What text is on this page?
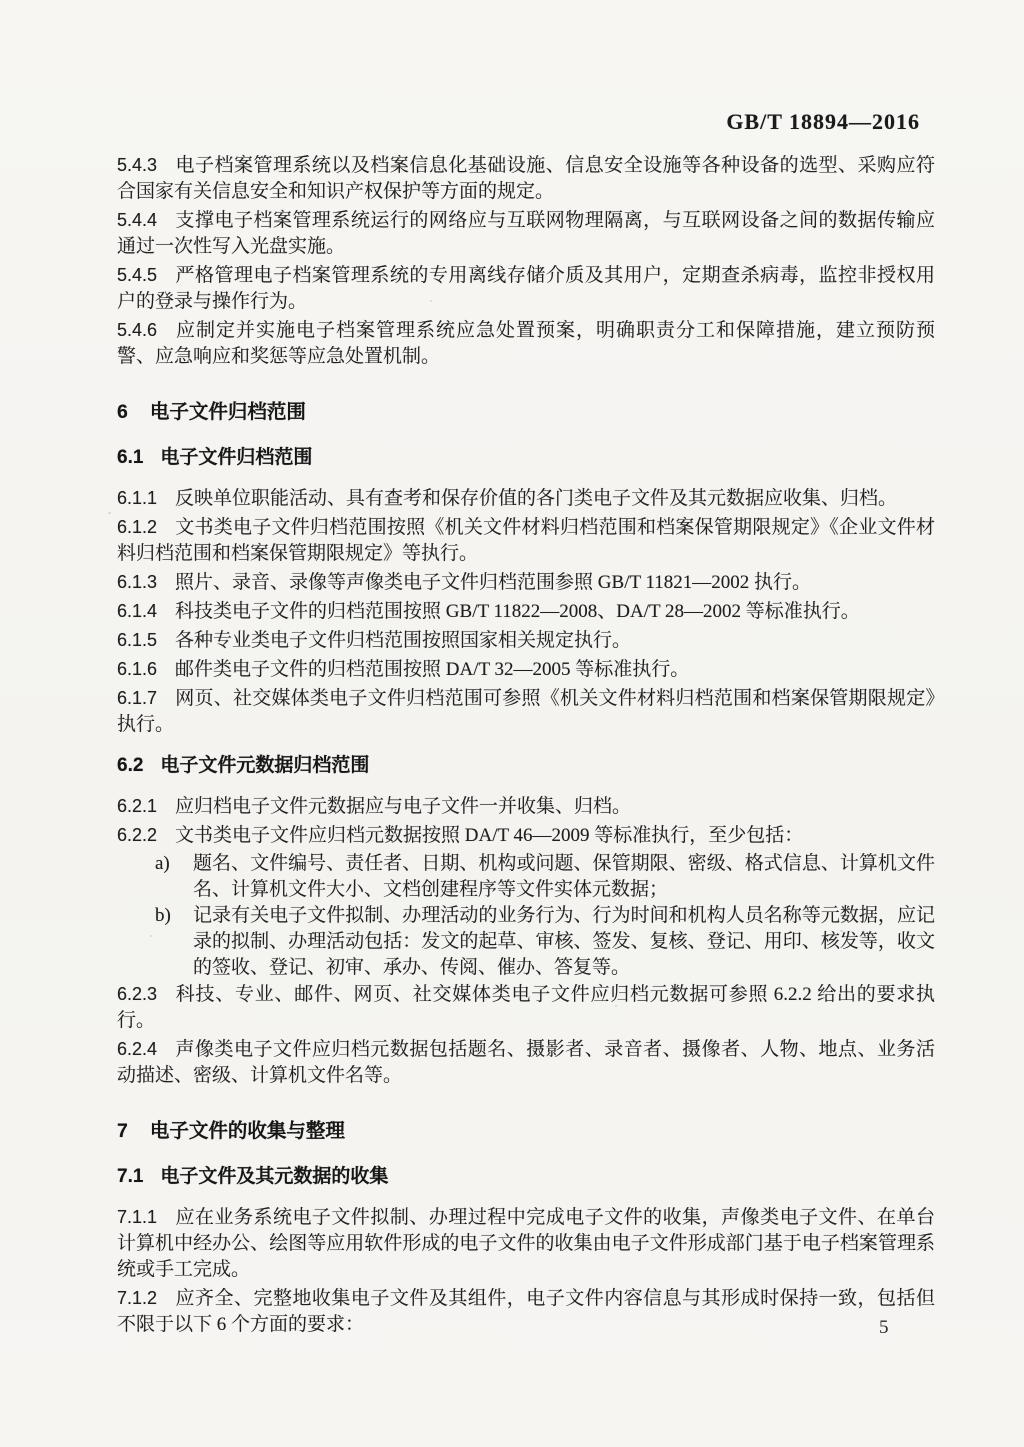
GB/T 18894—2016

5.4.3 电子档案管理系统以及档案信息化基础设施、信息安全设施等各种设备的选型、采购应符合国家有关信息安全和知识产权保护等方面的规定。

5.4.4 支撑电子档案管理系统运行的网络应与互联网物理隔离，与互联网设备之间的数据传输应通过一次性写入光盘实施。

5.4.5 严格管理电子档案管理系统的专用离线存储介质及其用户，定期查杀病毒，监控非授权用户的登录与操作行为。

5.4.6 应制定并实施电子档案管理系统应急处置预案，明确职责分工和保障措施，建立预防预警、应急响应和奖惩等应急处置机制。

6 电子文件归档范围
6.1 电子文件归档范围

6.1.1 反映单位职能活动、具有查考和保存价值的各门类电子文件及其元数据应收集、归档。

6.1.2 文书类电子文件归档范围按照《机关文件材料归档范围和档案保管期限规定》《企业文件材料归档范围和档案保管期限规定》等执行。

6.1.3 照片、录音、录像等声像类电子文件归档范围参照 GB/T 11821—2002 执行。

6.1.4 科技类电子文件的归档范围按照 GB/T 11822—2008、DA/T 28—2002 等标准执行。

6.1.5 各种专业类电子文件归档范围按照国家相关规定执行。

6.1.6 邮件类电子文件的归档范围按照 DA/T 32—2005 等标准执行。

6.1.7 网页、社交媒体类电子文件归档范围可参照《机关文件材料归档范围和档案保管期限规定》执行。

6.2 电子文件元数据归档范围

6.2.1 应归档电子文件元数据应与电子文件一并收集、归档。

6.2.2 文书类电子文件应归档元数据按照 DA/T 46—2009 等标准执行，至少包括：

a) 题名、文件编号、责任者、日期、机构或问题、保管期限、密级、格式信息、计算机文件名、计算机文件大小、文档创建程序等文件实体元数据；

b) 记录有关电子文件拟制、办理活动的业务行为、行为时间和机构人员名称等元数据，应记录的拟制、办理活动包括：发文的起草、审核、签发、复核、登记、用印、核发等，收文的签收、登记、初审、承办、传阅、催办、答复等。

6.2.3 科技、专业、邮件、网页、社交媒体类电子文件应归档元数据可参照 6.2.2 给出的要求执行。

6.2.4 声像类电子文件应归档元数据包括题名、摄影者、录音者、摄像者、人物、地点、业务活动描述、密级、计算机文件名等。

7 电子文件的收集与整理
7.1 电子文件及其元数据的收集

7.1.1 应在业务系统电子文件拟制、办理过程中完成电子文件的收集，声像类电子文件、在单台计算机中经办公、绘图等应用软件形成的电子文件的收集由电子文件形成部门基于电子档案管理系统或手工完成。

7.1.2 应齐全、完整地收集电子文件及其组件，电子文件内容信息与其形成时保持一致，包括但不限于以下 6 个方面的要求：	5
